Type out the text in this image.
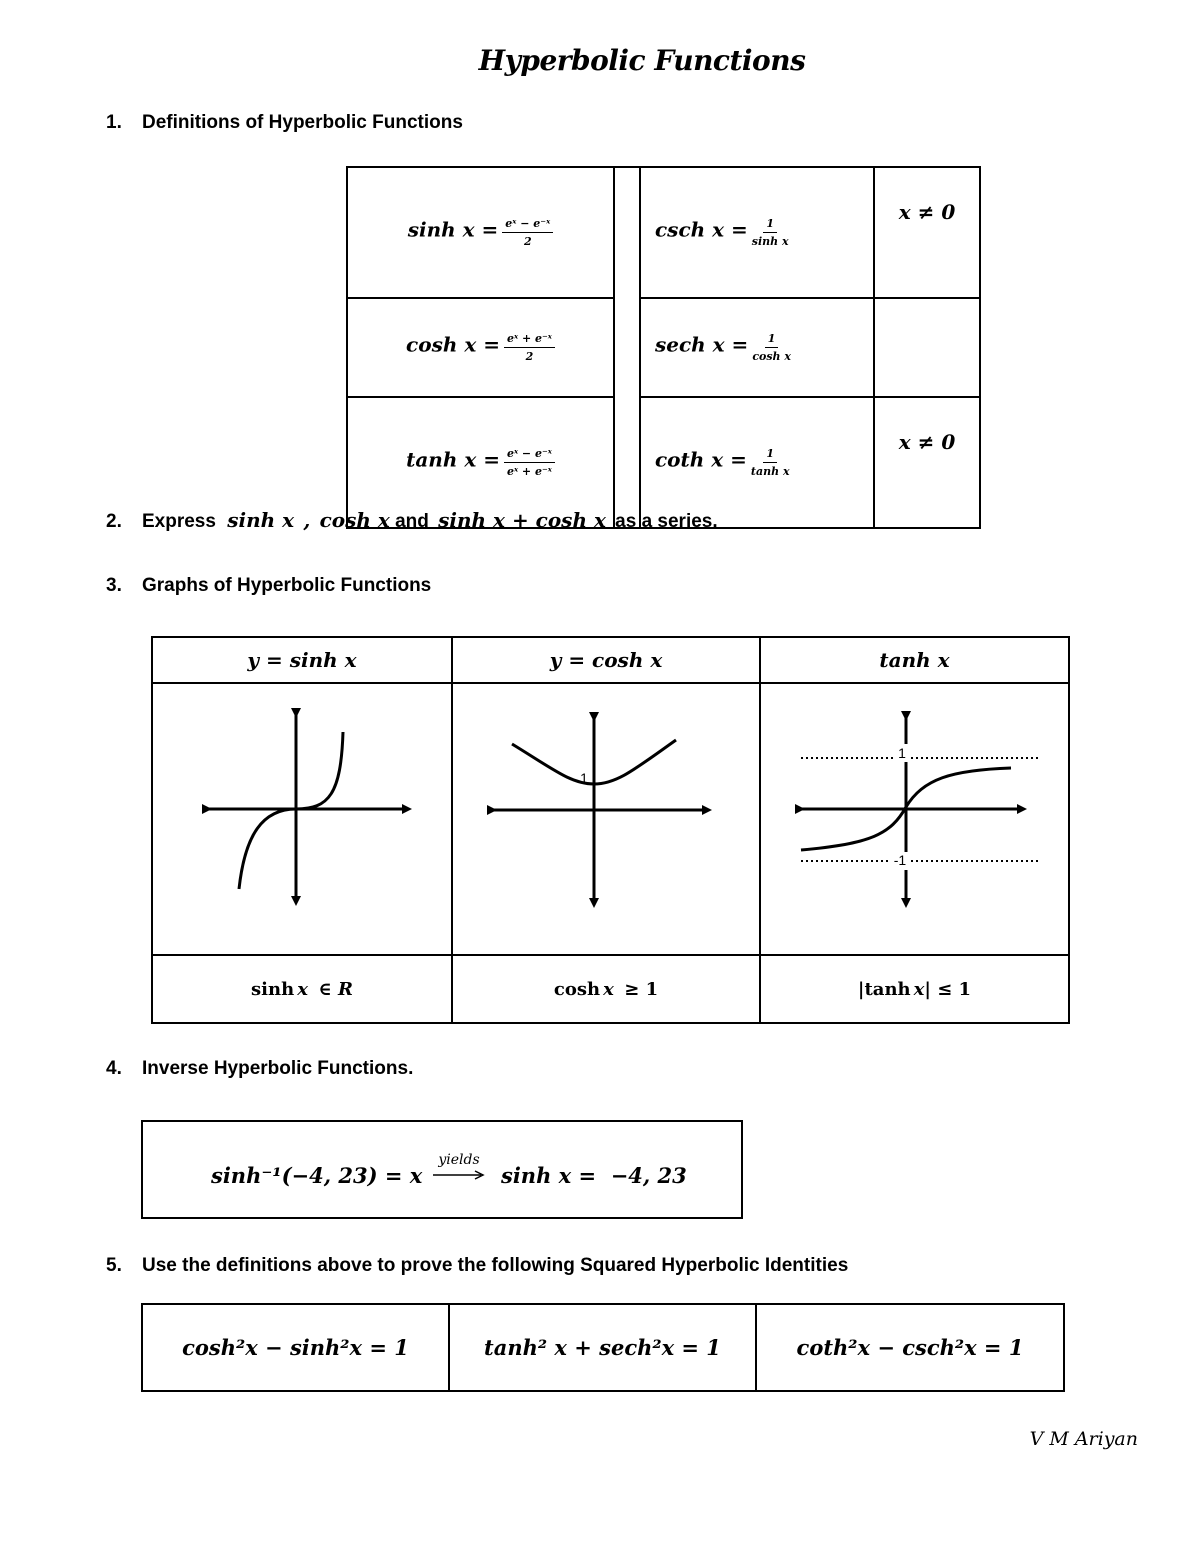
Hyperbolic Functions
1. Definitions of Hyperbolic Functions
$\sinh x = \frac{\text{eˣ − e⁻ˣ}}{2}$		csch $x = \frac{1}{\text{sinh x}}$	x ≠ 0
$\cosh x = \frac{\text{eˣ + e⁻ˣ}}{2}$		sech $x = \frac{1}{\text{cosh x}}$

$\tanh x = \frac{\text{eˣ − e⁻ˣ}}{\text{eˣ + e⁻ˣ}}$		coth $x = \frac{1}{\text{tanh x}}$	x ≠ 0
2. Express sinh x , cosh x and sinh x + cosh x as a series.
3. Graphs of Hyperbolic Functions
y = sinh x	y = cosh x	tanh x

1	1
-1

sinh x ∈ R	cosh x ≥ 1	|tanh x| ≤ 1
4. Inverse Hyperbolic Functions.
sinh⁻¹(−4, 23) = x
yields
sinh x =  −4, 23
5. Use the definitions above to prove the following Squared Hyperbolic Identities
cosh²x − sinh²x = 1	tanh² x + sech²x = 1	coth²x − csch²x = 1
V M Ariyan
